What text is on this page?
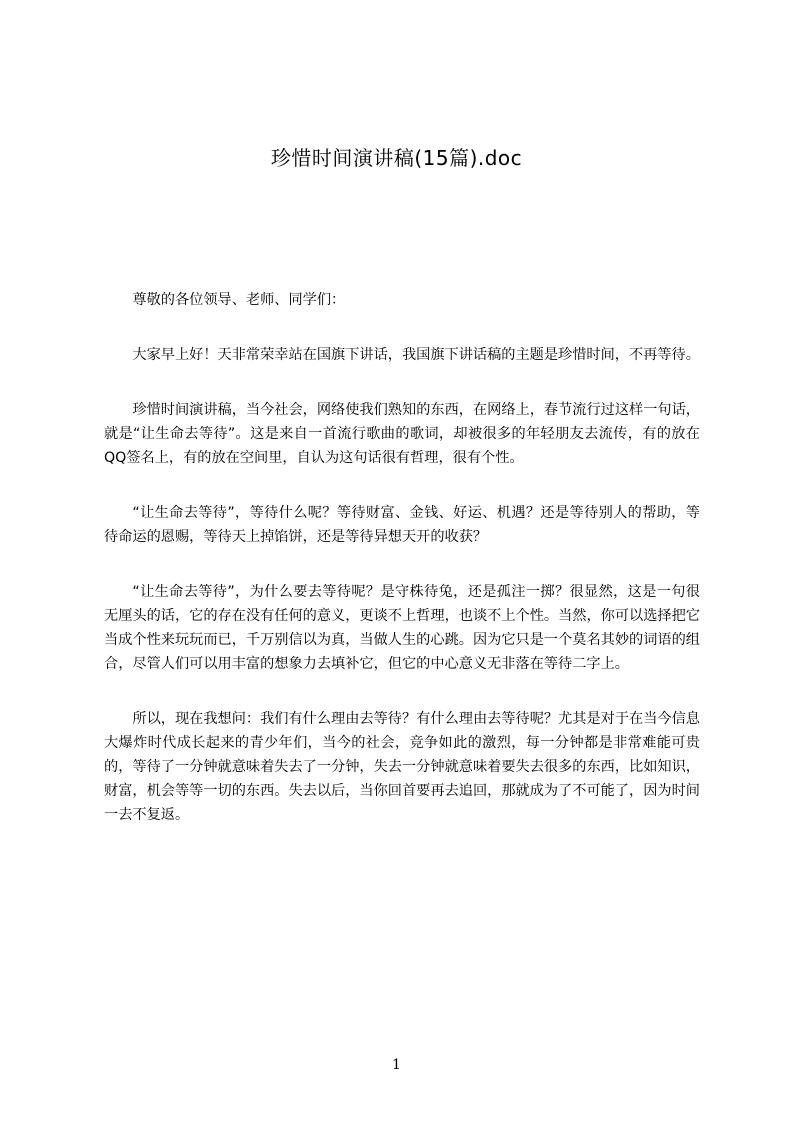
珍惜时间演讲稿(15篇).doc

尊敬的各位领导、老师、同学们：

大家早上好！天非常荣幸站在国旗下讲话，我国旗下讲话稿的主题是珍惜时间，不再等待。

珍惜时间演讲稿，当今社会，网络使我们熟知的东西，在网络上，春节流行过这样一句话，就是“让生命去等待”。这是来自一首流行歌曲的歌词，却被很多的年轻朋友去流传，有的放在QQ签名上，有的放在空间里，自认为这句话很有哲理，很有个性。

“让生命去等待”，等待什么呢？等待财富、金钱、好运、机遇？还是等待别人的帮助，等待命运的恩赐，等待天上掉馅饼，还是等待异想天开的收获？

“让生命去等待”，为什么要去等待呢？是守株待兔，还是孤注一掷？很显然，这是一句很无厘头的话，它的存在没有任何的意义，更谈不上哲理，也谈不上个性。当然，你可以选择把它当成个性来玩玩而已，千万别信以为真，当做人生的心跳。因为它只是一个莫名其妙的词语的组合，尽管人们可以用丰富的想象力去填补它，但它的中心意义无非落在等待二字上。

所以，现在我想问：我们有什么理由去等待？有什么理由去等待呢？尤其是对于在当今信息大爆炸时代成长起来的青少年们，当今的社会，竞争如此的激烈，每一分钟都是非常难能可贵的，等待了一分钟就意味着失去了一分钟，失去一分钟就意味着要失去很多的东西，比如知识，财富，机会等等一切的东西。失去以后，当你回首要再去追回，那就成为了不可能了，因为时间一去不复返。

1
